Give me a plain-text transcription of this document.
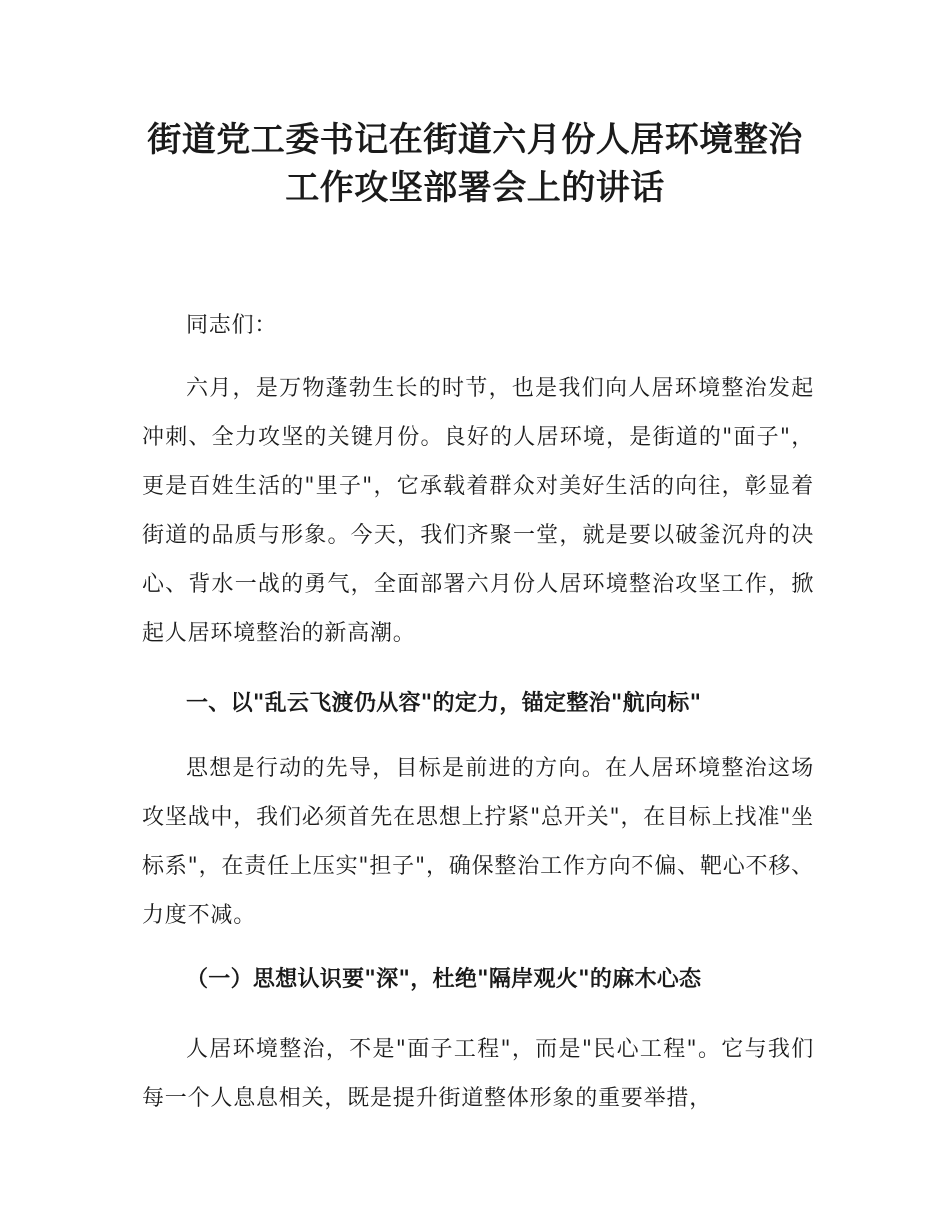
街道党工委书记在街道六月份人居环境整治
工作攻坚部署会上的讲话
同志们：
六月，是万物蓬勃生长的时节，也是我们向人居环境整治发起冲刺、全力攻坚的关键月份。良好的人居环境，是街道的"面子"，更是百姓生活的"里子"，它承载着群众对美好生活的向往，彰显着街道的品质与形象。今天，我们齐聚一堂，就是要以破釜沉舟的决心、背水一战的勇气，全面部署六月份人居环境整治攻坚工作，掀起人居环境整治的新高潮。
一、以"乱云飞渡仍从容"的定力，锚定整治"航向标"
思想是行动的先导，目标是前进的方向。在人居环境整治这场攻坚战中，我们必须首先在思想上拧紧"总开关"，在目标上找准"坐标系"，在责任上压实"担子"，确保整治工作方向不偏、靶心不移、力度不减。
（一）思想认识要"深"，杜绝"隔岸观火"的麻木心态
人居环境整治，不是"面子工程"，而是"民心工程"。它与我们每一个人息息相关，既是提升街道整体形象的重要举措，
